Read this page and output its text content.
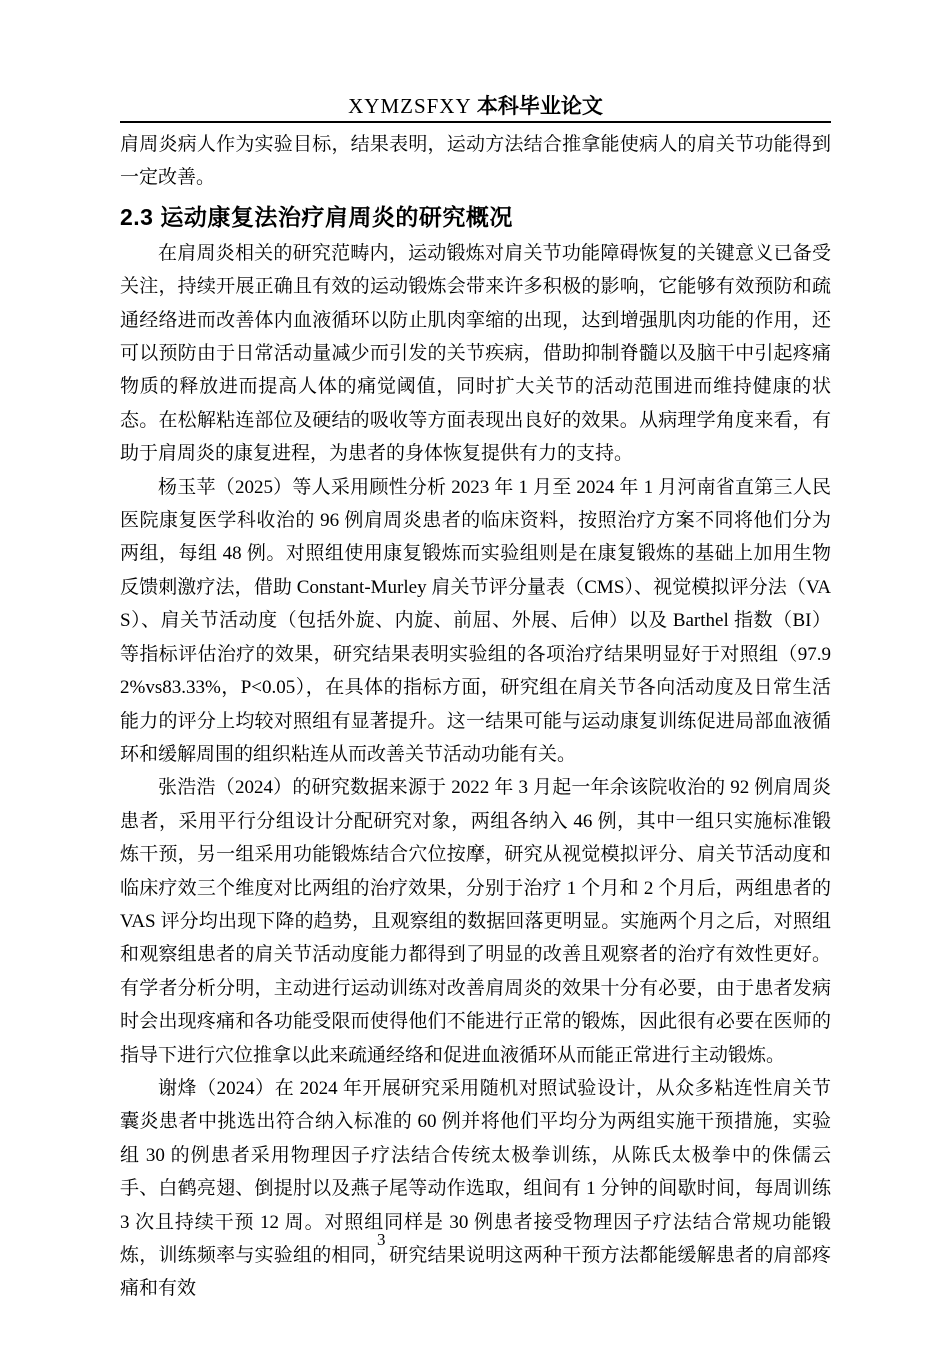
XYMZSFXY 本科毕业论文

肩周炎病人作为实验目标，结果表明，运动方法结合推拿能使病人的肩关节功能得到一定改善。

2.3 运动康复法治疗肩周炎的研究概况

在肩周炎相关的研究范畴内，运动锻炼对肩关节功能障碍恢复的关键意义已备受关注，持续开展正确且有效的运动锻炼会带来许多积极的影响，它能够有效预防和疏通经络进而改善体内血液循环以防止肌肉挛缩的出现，达到增强肌肉功能的作用，还可以预防由于日常活动量减少而引发的关节疾病，借助抑制脊髓以及脑干中引起疼痛物质的释放进而提高人体的痛觉阈值，同时扩大关节的活动范围进而维持健康的状态。在松解粘连部位及硬结的吸收等方面表现出良好的效果。从病理学角度来看，有助于肩周炎的康复进程，为患者的身体恢复提供有力的支持。

杨玉苹（2025）等人采用顾性分析 2023 年 1 月至 2024 年 1 月河南省直第三人民医院康复医学科收治的 96 例肩周炎患者的临床资料，按照治疗方案不同将他们分为两组，每组 48 例。对照组使用康复锻炼而实验组则是在康复锻炼的基础上加用生物反馈刺激疗法，借助 Constant-Murley 肩关节评分量表（CMS）、视觉模拟评分法（VAS）、肩关节活动度（包括外旋、内旋、前屈、外展、后伸）以及 Barthel 指数（BI）等指标评估治疗的效果，研究结果表明实验组的各项治疗结果明显好于对照组（97.92%vs83.33%，P<0.05），在具体的指标方面，研究组在肩关节各向活动度及日常生活能力的评分上均较对照组有显著提升。这一结果可能与运动康复训练促进局部血液循环和缓解周围的组织粘连从而改善关节活动功能有关。

张浩浩（2024）的研究数据来源于 2022 年 3 月起一年余该院收治的 92 例肩周炎患者，采用平行分组设计分配研究对象，两组各纳入 46 例，其中一组只实施标准锻炼干预，另一组采用功能锻炼结合穴位按摩，研究从视觉模拟评分、肩关节活动度和临床疗效三个维度对比两组的治疗效果，分别于治疗 1 个月和 2 个月后，两组患者的 VAS 评分均出现下降的趋势，且观察组的数据回落更明显。实施两个月之后，对照组和观察组患者的肩关节活动度能力都得到了明显的改善且观察者的治疗有效性更好。有学者分析分明，主动进行运动训练对改善肩周炎的效果十分有必要，由于患者发病时会出现疼痛和各功能受限而使得他们不能进行正常的锻炼，因此很有必要在医师的指导下进行穴位推拿以此来疏通经络和促进血液循环从而能正常进行主动锻炼。

谢烽（2024）在 2024 年开展研究采用随机对照试验设计，从众多粘连性肩关节囊炎患者中挑选出符合纳入标准的 60 例并将他们平均分为两组实施干预措施，实验组 30 的例患者采用物理因子疗法结合传统太极拳训练，从陈氏太极拳中的侏儒云手、白鹤亮翅、倒提肘以及燕子尾等动作选取，组间有 1 分钟的间歇时间，每周训练 3 次且持续干预 12 周。对照组同样是 30 例患者接受物理因子疗法结合常规功能锻炼，训练频率与实验组的相同，研究结果说明这两种干预方法都能缓解患者的肩部疼痛和有效

3
